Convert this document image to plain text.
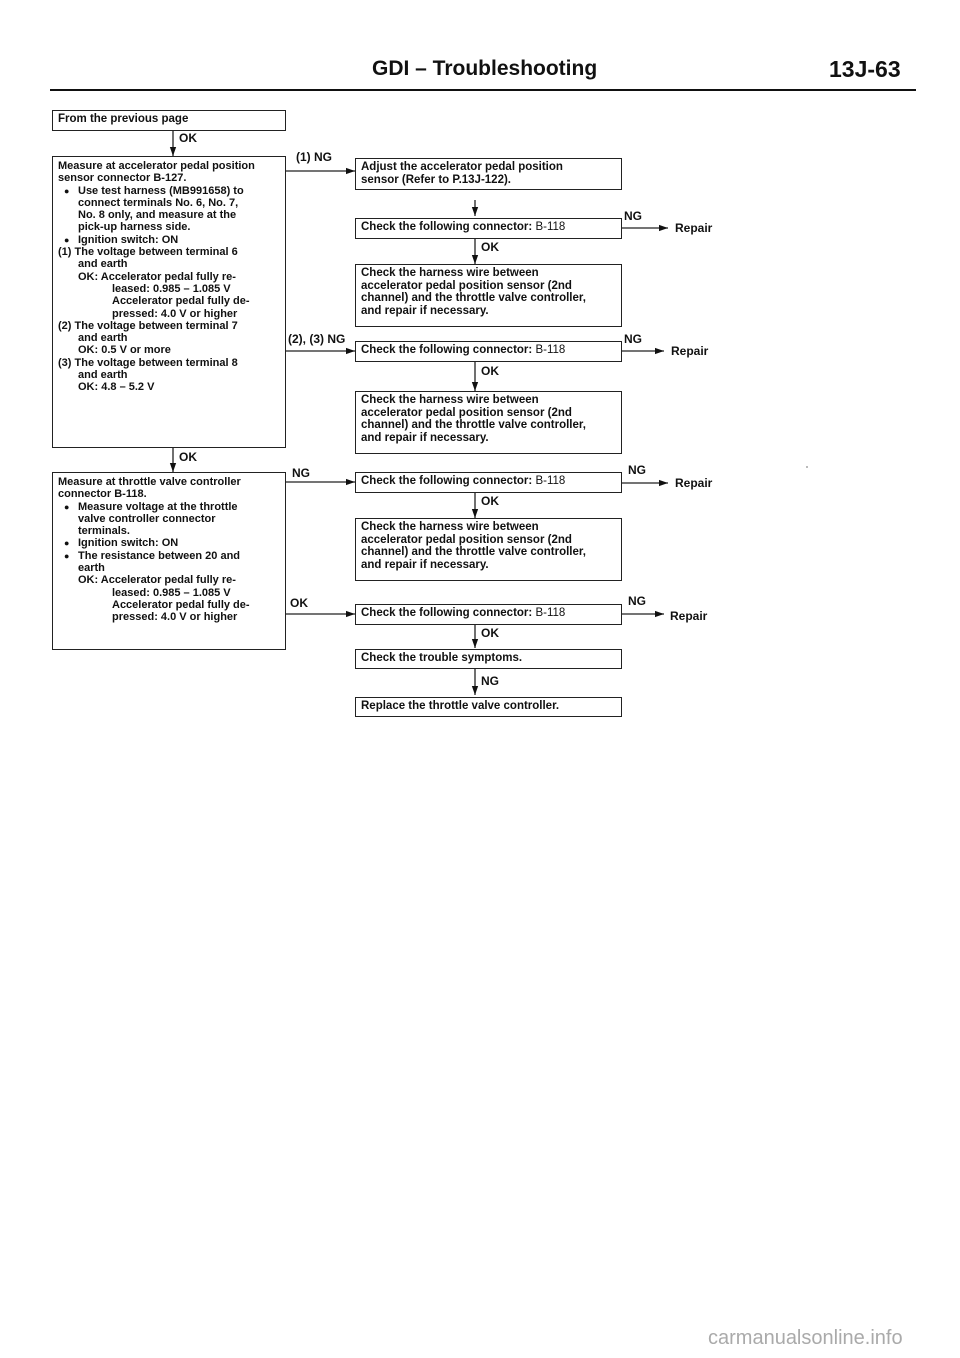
GDI – Troubleshooting	13J-63
From the previous page
OK
Measure at accelerator pedal position
sensor connector B-127.
● Use test harness (MB991658) to
connect terminals No. 6, No. 7,
No. 8 only, and measure at the
pick-up harness side.
● Ignition switch: ON
(1) The voltage between terminal 6
and earth
OK: Accelerator pedal fully re-
leased: 0.985 – 1.085 V
Accelerator pedal fully de-
pressed: 4.0 V or higher
(2) The voltage between terminal 7
and earth
OK: 0.5 V or more
(3) The voltage between terminal 8
and earth
OK: 4.8 – 5.2 V
OK
Measure at throttle valve controller
connector B-118.
● Measure voltage at the throttle
valve controller connector
terminals.
● Ignition switch: ON
● The resistance between 20 and
earth
OK: Accelerator pedal fully re-
leased: 0.985 – 1.085 V
Accelerator pedal fully de-
pressed: 4.0 V or higher
(1) NG
(2), (3) NG
NG
OK
Adjust the accelerator pedal position
sensor (Refer to P.13J-122).
Check the following connector: B-118
OK
Check the harness wire between
accelerator pedal position sensor (2nd
channel) and the throttle valve controller,
and repair if necessary.
Check the following connector: B-118
OK
Check the harness wire between
accelerator pedal position sensor (2nd
channel) and the throttle valve controller,
and repair if necessary.
Check the following connector: B-118
OK
Check the harness wire between
accelerator pedal position sensor (2nd
channel) and the throttle valve controller,
and repair if necessary.
Check the following connector: B-118
OK
Check the trouble symptoms.
NG
Replace the throttle valve controller.
NG
Repair
NG
Repair
NG
Repair
NG
Repair
carmanualsonline.info
